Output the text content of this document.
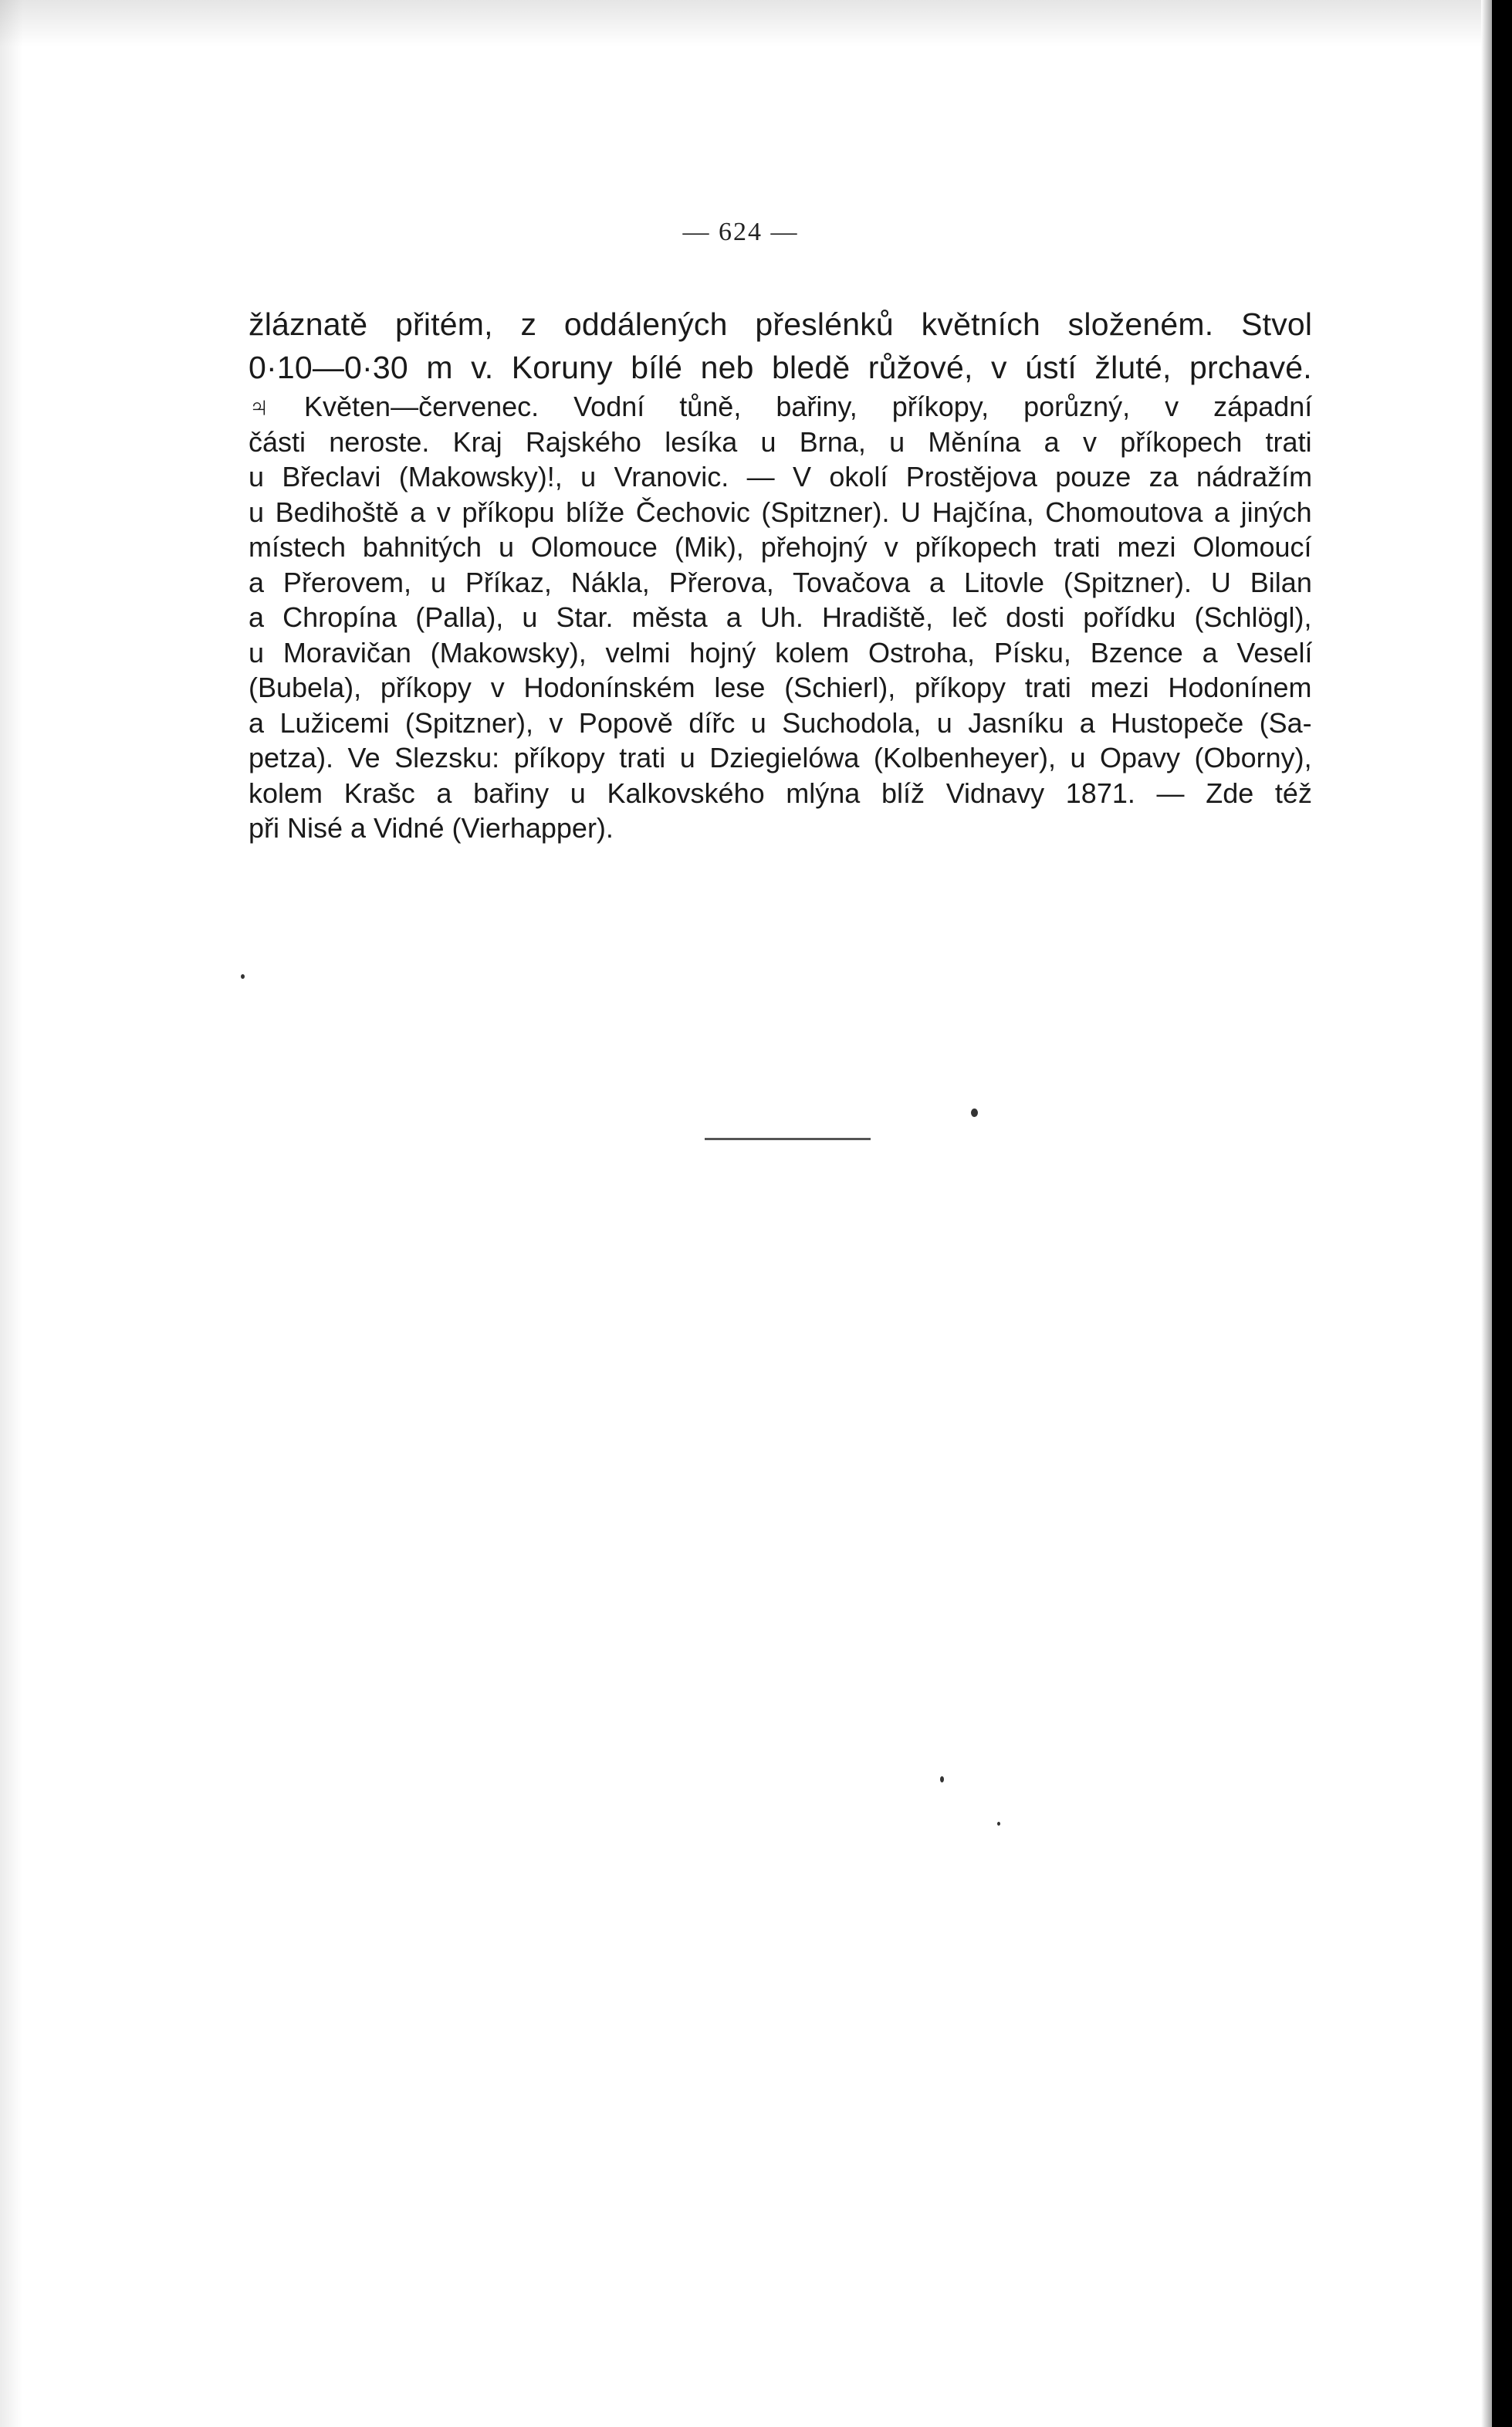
— 624 —
žláznatě přitém, z oddálených přeslénků květních složeném. Stvol
0·10—0·30 m v. Koruny bílé neb bledě růžové, v ústí žluté, prchavé.
♃ Květen—červenec. Vodní tůně, bařiny, příkopy, porůzný, v západní
části neroste. Kraj Rajského lesíka u Brna, u Měnína a v příkopech trati
u Břeclavi (Makowsky)!, u Vranovic. — V okolí Prostějova pouze za nádražím
u Bedihoště a v příkopu blíže Čechovic (Spitzner). U Hajčína, Chomoutova a jiných
místech bahnitých u Olomouce (Mik), přehojný v příkopech trati mezi Olomoucí
a Přerovem, u Příkaz, Nákla, Přerova, Tovačova a Litovle (Spitzner). U Bilan
a Chropína (Palla), u Star. města a Uh. Hradiště, leč dosti pořídku (Schlögl),
u Moravičan (Makowsky), velmi hojný kolem Ostroha, Písku, Bzence a Veselí
(Bubela), příkopy v Hodonínském lese (Schierl), příkopy trati mezi Hodonínem
a Lužicemi (Spitzner), v Popově dířc u Suchodola, u Jasníku a Hustopeče (Sa-
petza). Ve Slezsku: příkopy trati u Dziegielówa (Kolbenheyer), u Opavy (Oborny),
kolem Krašc a bařiny u Kalkovského mlýna blíž Vidnavy 1871. — Zde též
při Nisé a Vidné (Vierhapper).
